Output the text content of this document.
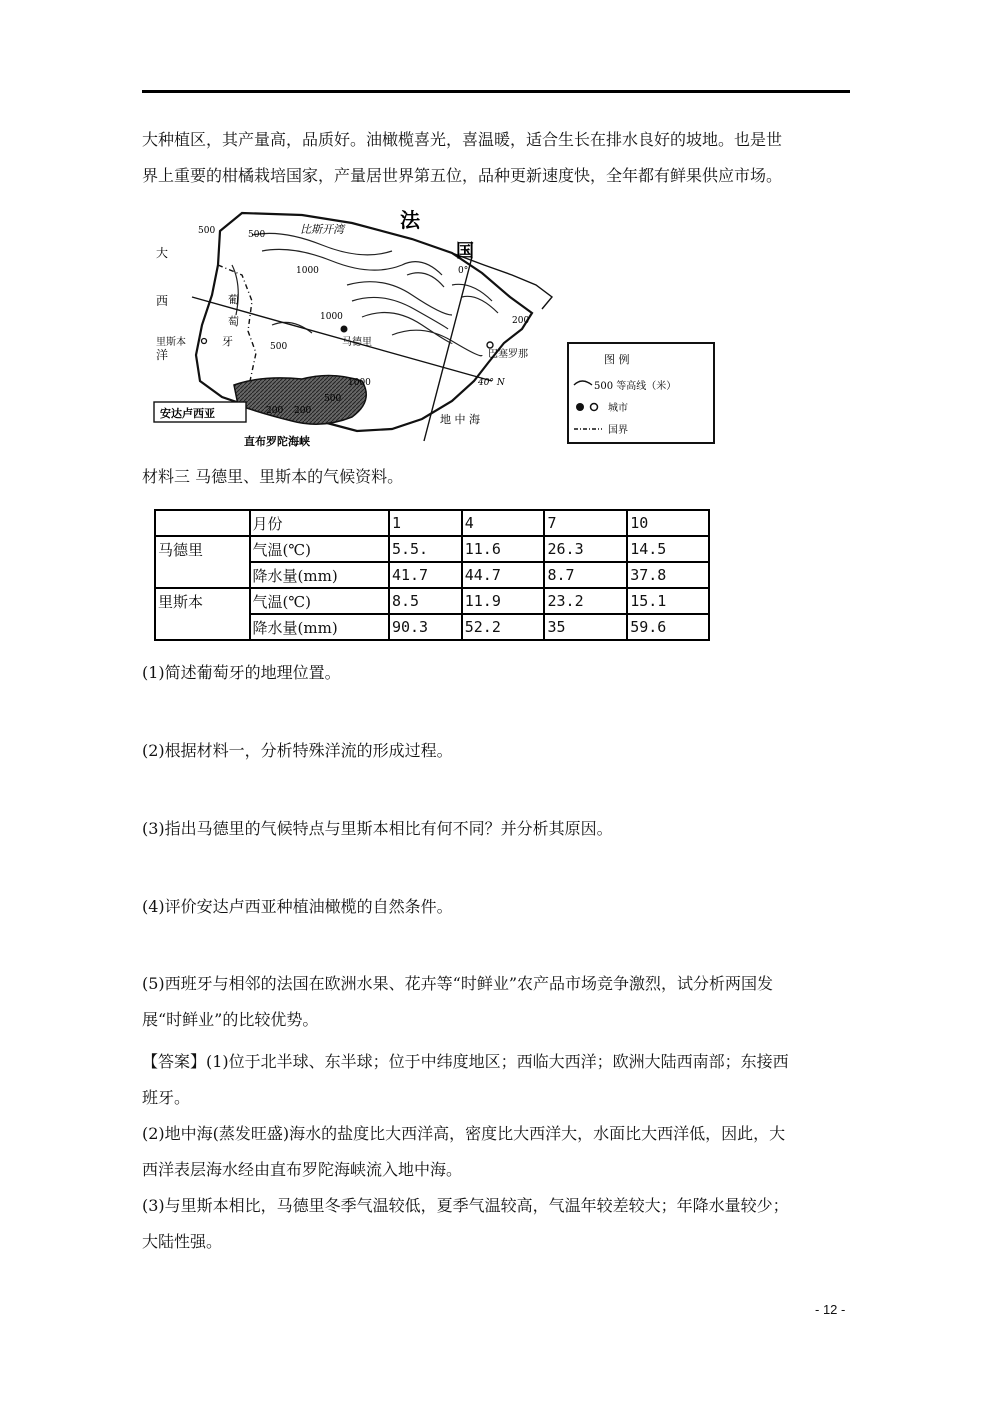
大种植区，其产量高，品质好。油橄榄喜光，喜温暖，适合生长在排水良好的坡地。也是世
界上重要的柑橘栽培国家，产量居世界第五位，品种更新速度快，全年都有鲜果供应市场。
比斯开湾	法
国
大
西
洋
葡
萄
牙
里斯本	马德里
巴塞罗那
500	500
500
500
1000
1000
1000
200
200 200
0°
40° N
安达卢西亚
直布罗陀海峡
地 中 海
图 例
500 等高线（米）
城市
国界
材料三 马德里、里斯本的气候资料。
	月份	1	4	7	10
马德里	气温(℃)	5.5.	11.6	26.3	14.5
	降水量(mm)	41.7	44.7	8.7	37.8
里斯本	气温(℃)	8.5	11.9	23.2	15.1
	降水量(mm)	90.3	52.2	35	59.6
(1)简述葡萄牙的地理位置。
(2)根据材料一，分析特殊洋流的形成过程。
(3)指出马德里的气候特点与里斯本相比有何不同？并分析其原因。
(4)评价安达卢西亚种植油橄榄的自然条件。
(5)西班牙与相邻的法国在欧洲水果、花卉等“时鲜业”农产品市场竞争激烈，试分析两国发
展“时鲜业”的比较优势。
【答案】(1)位于北半球、东半球；位于中纬度地区；西临大西洋；欧洲大陆西南部；东接西
班牙。
(2)地中海(蒸发旺盛)海水的盐度比大西洋高，密度比大西洋大，水面比大西洋低，因此，大
西洋表层海水经由直布罗陀海峡流入地中海。
(3)与里斯本相比，马德里冬季气温较低，夏季气温较高，气温年较差较大；年降水量较少；
大陆性强。
- 12 -
